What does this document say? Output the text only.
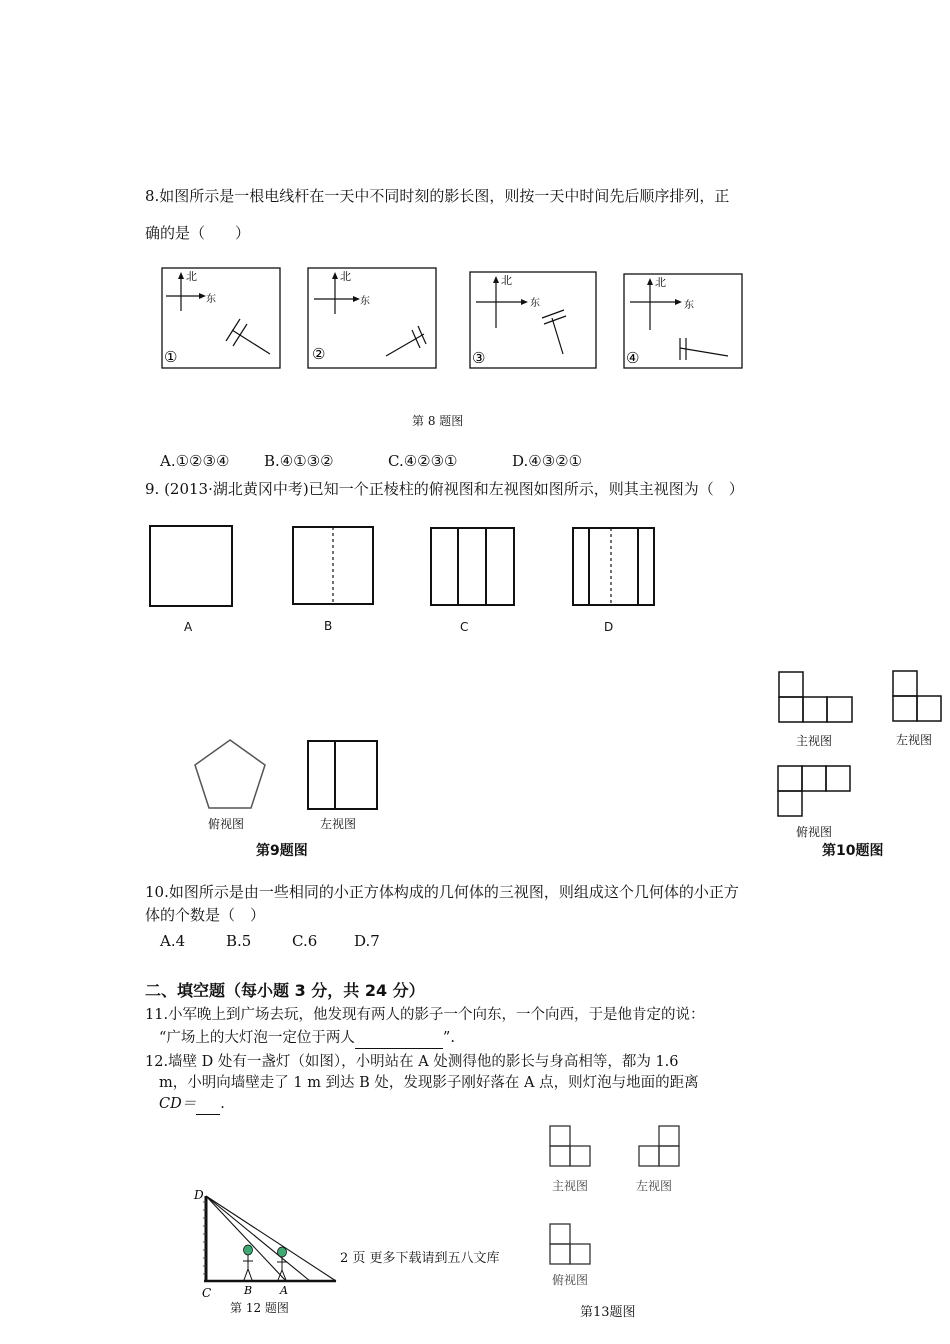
8.如图所示是一根电线杆在一天中不同时刻的影长图，则按一天中时间先后顺序排列，正
确的是（　　）
北
东
①
北
东
②
北
东
③
北
东
④
第 8 题图
A.①②③④ B.④①③②	C.④②③①	D.④③②①
9. (2013·湖北黄冈中考)已知一个正棱柱的俯视图和左视图如图所示，则其主视图为（　）
A	B	C	D
俯视图	左视图
第9题图
主视图	左视图
俯视图
第10题图
10.如图所示是由一些相同的小正方体构成的几何体的三视图，则组成这个几何体的小正方
体的个数是（　）
A.4	B.5	C.6 D.7
二、填空题（每小题 3 分，共 24 分）
11.小军晚上到广场去玩，他发现有两人的影子一个向东，一个向西，于是他肯定的说：
“广场上的大灯泡一定位于两人	”.
12.墙壁 D 处有一盏灯（如图），小明站在 A 处测得他的影长与身高相等，都为 1.6
m，小明向墙壁走了 1 m 到达 B 处，发现影子刚好落在 A 点，则灯泡与地面的距离
CD＝ .
D
C	B	A
第 12 题图
2 页 更多下载请到五八文库
主视图	左视图
俯视图
第13题图
